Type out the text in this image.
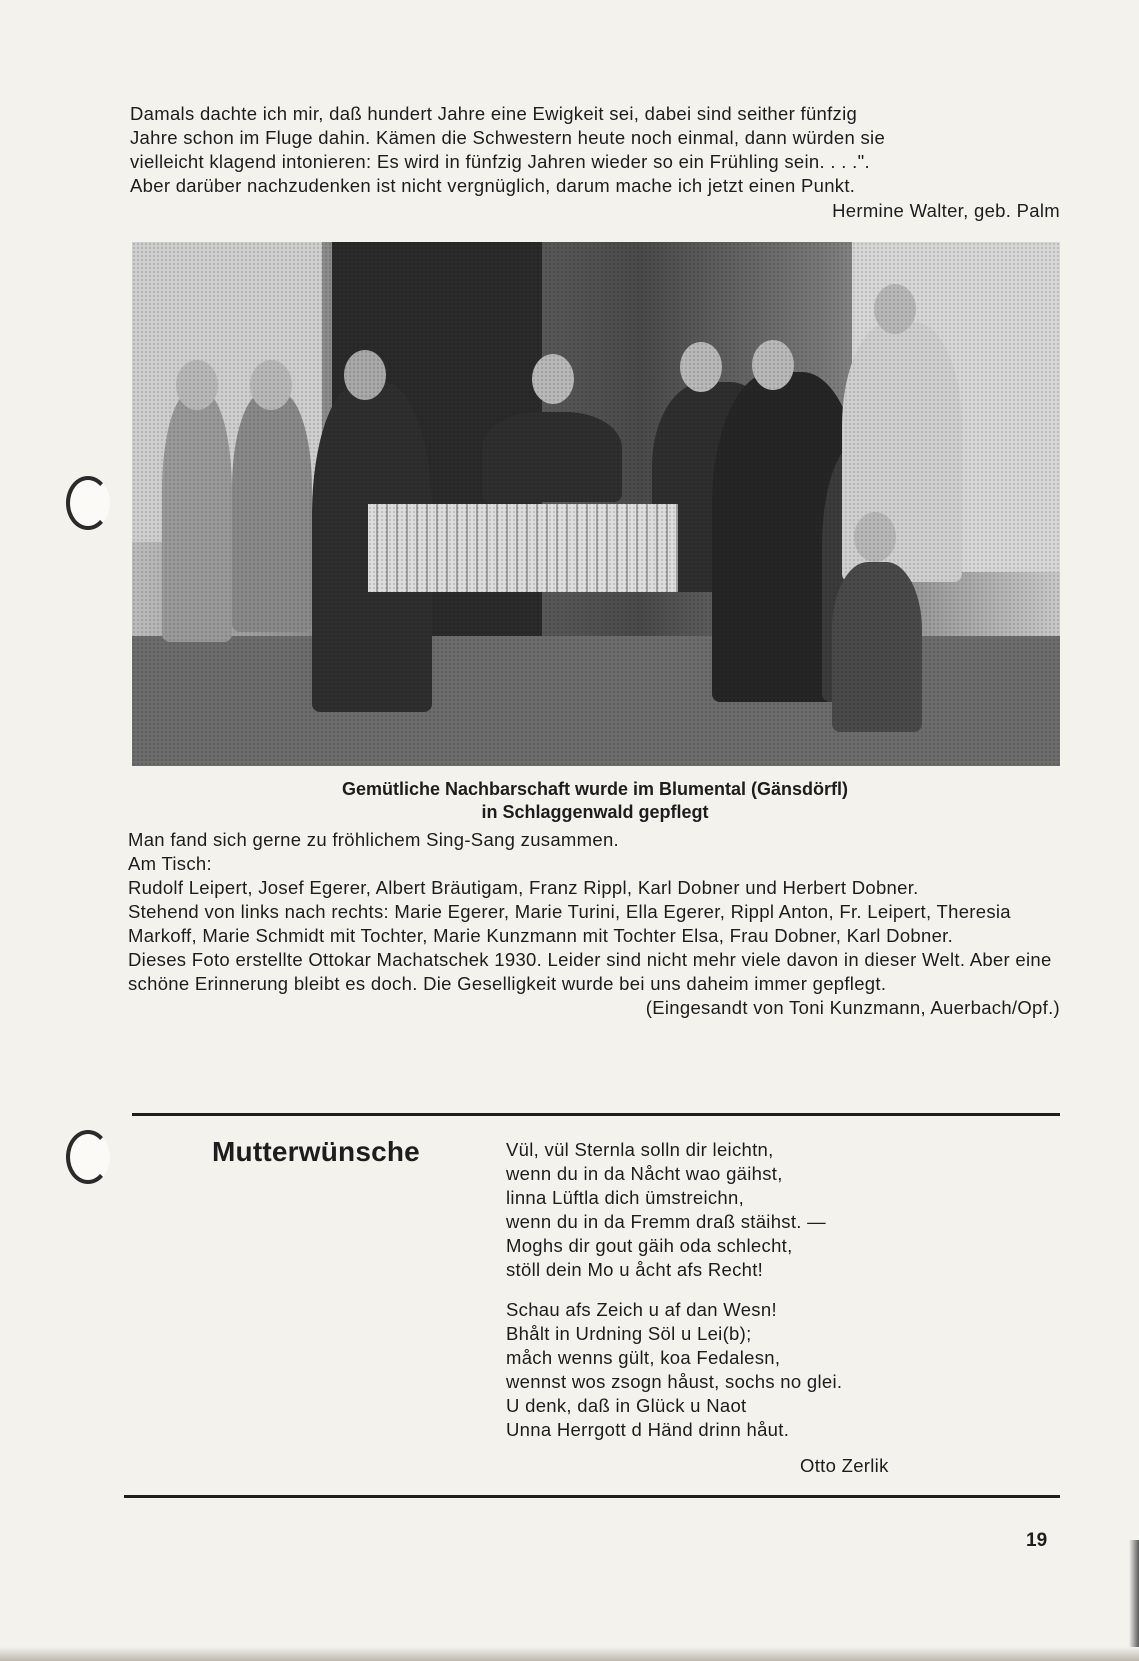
Damals dachte ich mir, daß hundert Jahre eine Ewigkeit sei, dabei sind seither fünfzig

Jahre schon im Fluge dahin. Kämen die Schwestern heute noch einmal, dann würden sie

vielleicht klagend intonieren: Es wird in fünfzig Jahren wieder so ein Frühling sein. . . .".

Aber darüber nachzudenken ist nicht vergnüglich, darum mache ich jetzt einen Punkt.

Hermine Walter, geb. Palm

Gemütliche Nachbarschaft wurde im Blumental (Gänsdörfl)
in Schlaggenwald gepflegt

Man fand sich gerne zu fröhlichem Sing-Sang zusammen.

Am Tisch:

Rudolf Leipert, Josef Egerer, Albert Bräutigam, Franz Rippl, Karl Dobner und Herbert Dobner.

Stehend von links nach rechts: Marie Egerer, Marie Turini, Ella Egerer, Rippl Anton, Fr. Leipert, Theresia Markoff, Marie Schmidt mit Tochter, Marie Kunzmann mit Tochter Elsa, Frau Dobner, Karl Dobner.

Dieses Foto erstellte Ottokar Machatschek 1930. Leider sind nicht mehr viele davon in dieser Welt. Aber eine schöne Erinnerung bleibt es doch. Die Geselligkeit wurde bei uns daheim immer gepflegt.

(Eingesandt von Toni Kunzmann, Auerbach/Opf.)

Mutterwünsche	Vül, vül Sternla solln dir leichtn,
wenn du in da Nåcht wao gäihst,
linna Lüftla dich ümstreichn,
wenn du in da Fremm draß stäihst. —
Moghs dir gout gäih oda schlecht,
stöll dein Mo u åcht afs Recht!
Schau afs Zeich u af dan Wesn!
Bhålt in Urdning Söl u Lei(b);
måch wenns gült, koa Fedalesn,
wennst wos zsogn håust, sochs no glei.
U denk, daß in Glück u Naot
Unna Herrgott d Händ drinn håut.
Otto Zerlik
19
